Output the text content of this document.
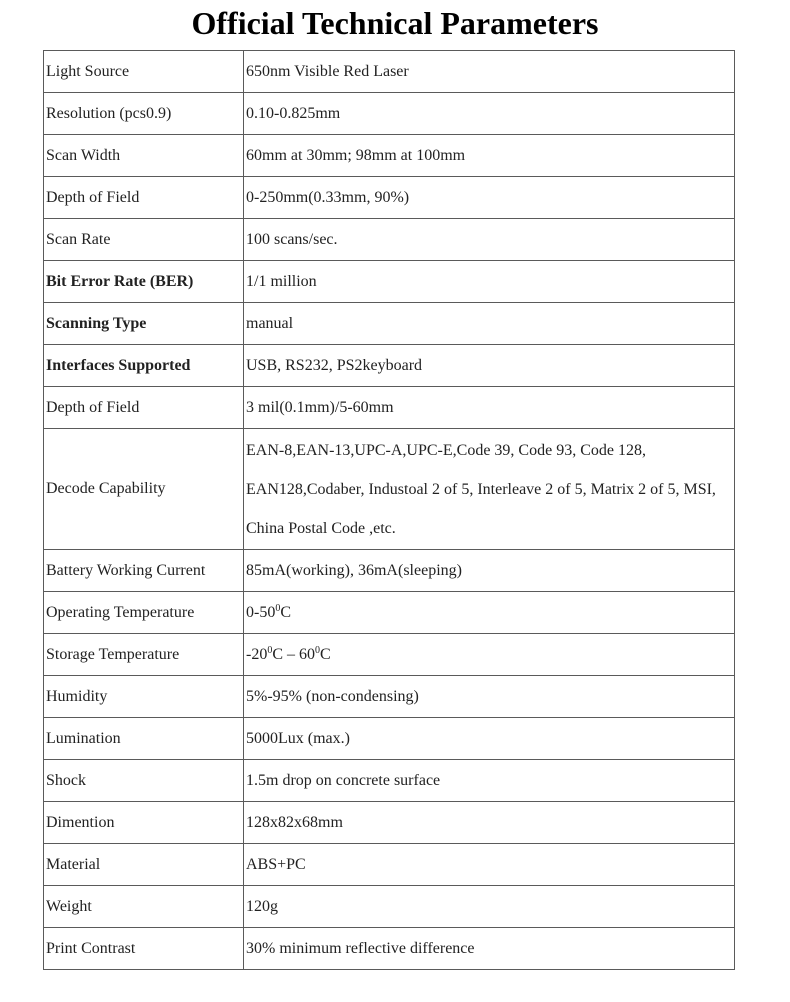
Official Technical Parameters
Light Source	650nm Visible Red Laser
Resolution (pcs0.9)	0.10-0.825mm
Scan Width	60mm at 30mm; 98mm at 100mm
Depth of Field	0-250mm(0.33mm, 90%)
Scan Rate	100 scans/sec.
Bit Error Rate (BER)	1/1 million
Scanning Type	manual
Interfaces Supported	USB, RS232, PS2keyboard
Depth of Field	3 mil(0.1mm)/5-60mm
Decode Capability	EAN-8,EAN-13,UPC-A,UPC-E,Code 39, Code 93, Code 128, EAN128,Codaber, Industoal 2 of 5, Interleave 2 of 5, Matrix 2 of 5, MSI, China Postal Code ,etc.
Battery Working Current	85mA(working), 36mA(sleeping)
Operating Temperature	$0-50^0C$
Storage Temperature	$-20^0C - 60^0C$
Humidity	5%-95% (non-condensing)
Lumination	5000Lux (max.)
Shock	1.5m drop on concrete surface
Dimention	128x82x68mm
Material	ABS+PC
Weight	120g
Print Contrast	30% minimum reflective difference
